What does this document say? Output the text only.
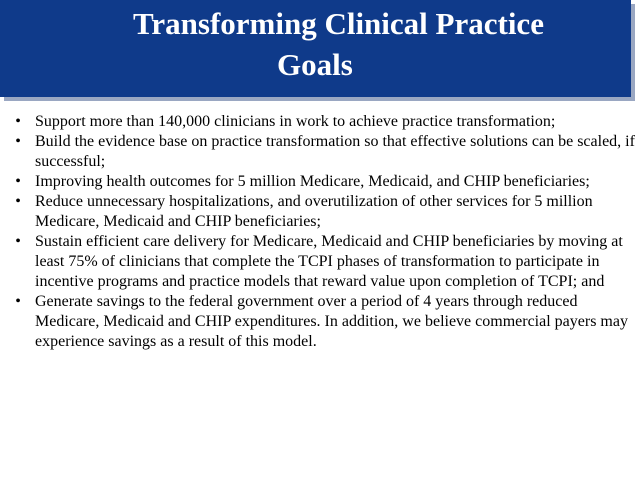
Transforming Clinical Practice
Goals
• Support more than 140,000 clinicians in work to achieve practice transformation;
• Build the evidence base on practice transformation so that effective solutions can be scaled, if successful;
• Improving health outcomes for 5 million Medicare, Medicaid, and CHIP beneficiaries;
• Reduce unnecessary hospitalizations, and overutilization of other services for 5 million Medicare, Medicaid and CHIP beneficiaries;
• Sustain efficient care delivery for Medicare, Medicaid and CHIP beneficiaries by moving at least 75% of clinicians that complete the TCPI phases of transformation to participate in incentive programs and practice models that reward value upon completion of TCPI; and
• Generate savings to the federal government over a period of 4 years through reduced Medicare, Medicaid and CHIP expenditures. In addition, we believe commercial payers may experience savings as a result of this model.
